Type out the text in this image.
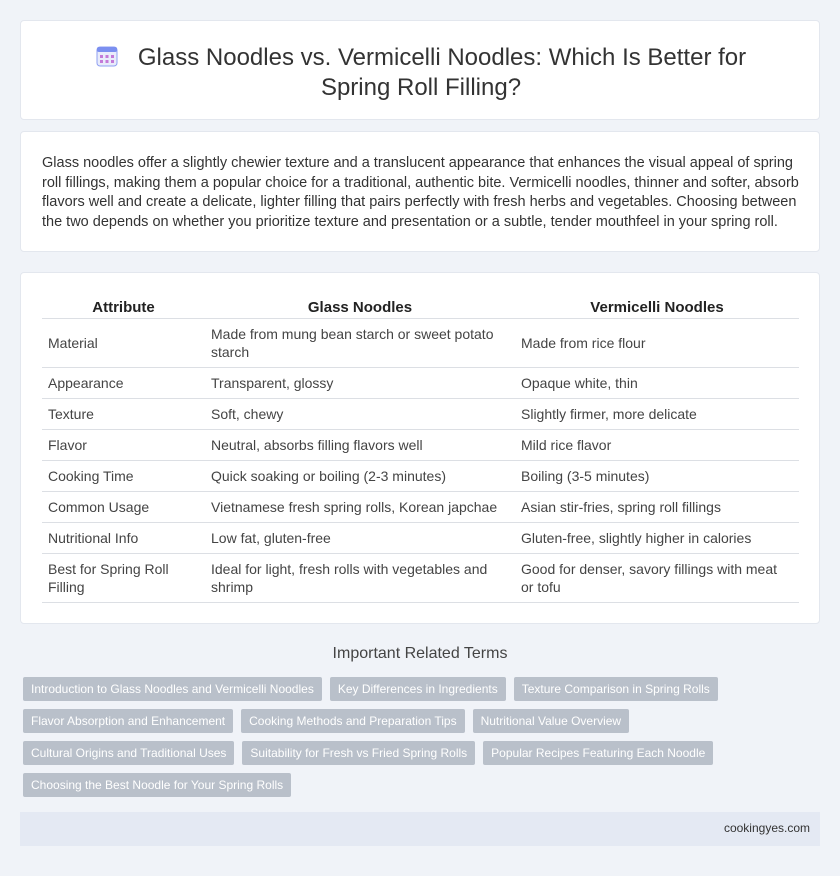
Glass Noodles vs. Vermicelli Noodles: Which Is Better for Spring Roll Filling?

Glass noodles offer a slightly chewier texture and a translucent appearance that enhances the visual appeal of spring roll fillings, making them a popular choice for a traditional, authentic bite. Vermicelli noodles, thinner and softer, absorb flavors well and create a delicate, lighter filling that pairs perfectly with fresh herbs and vegetables. Choosing between the two depends on whether you prioritize texture and presentation or a subtle, tender mouthfeel in your spring roll.

Attribute	Glass Noodles	Vermicelli Noodles
Material	Made from mung bean starch or sweet potato starch	Made from rice flour
Appearance	Transparent, glossy	Opaque white, thin
Texture	Soft, chewy	Slightly firmer, more delicate
Flavor	Neutral, absorbs filling flavors well	Mild rice flavor
Cooking Time	Quick soaking or boiling (2-3 minutes)	Boiling (3-5 minutes)
Common Usage	Vietnamese fresh spring rolls, Korean japchae	Asian stir-fries, spring roll fillings
Nutritional Info	Low fat, gluten-free	Gluten-free, slightly higher in calories
Best for Spring Roll Filling	Ideal for light, fresh rolls with vegetables and shrimp	Good for denser, savory fillings with meat or tofu
Important Related Terms
Introduction to Glass Noodles and Vermicelli Noodles	Key Differences in Ingredients	Texture Comparison in Spring Rolls
Flavor Absorption and Enhancement	Cooking Methods and Preparation Tips	Nutritional Value Overview
Cultural Origins and Traditional Uses	Suitability for Fresh vs Fried Spring Rolls	Popular Recipes Featuring Each Noodle
Choosing the Best Noodle for Your Spring Rolls
cookingyes.com
